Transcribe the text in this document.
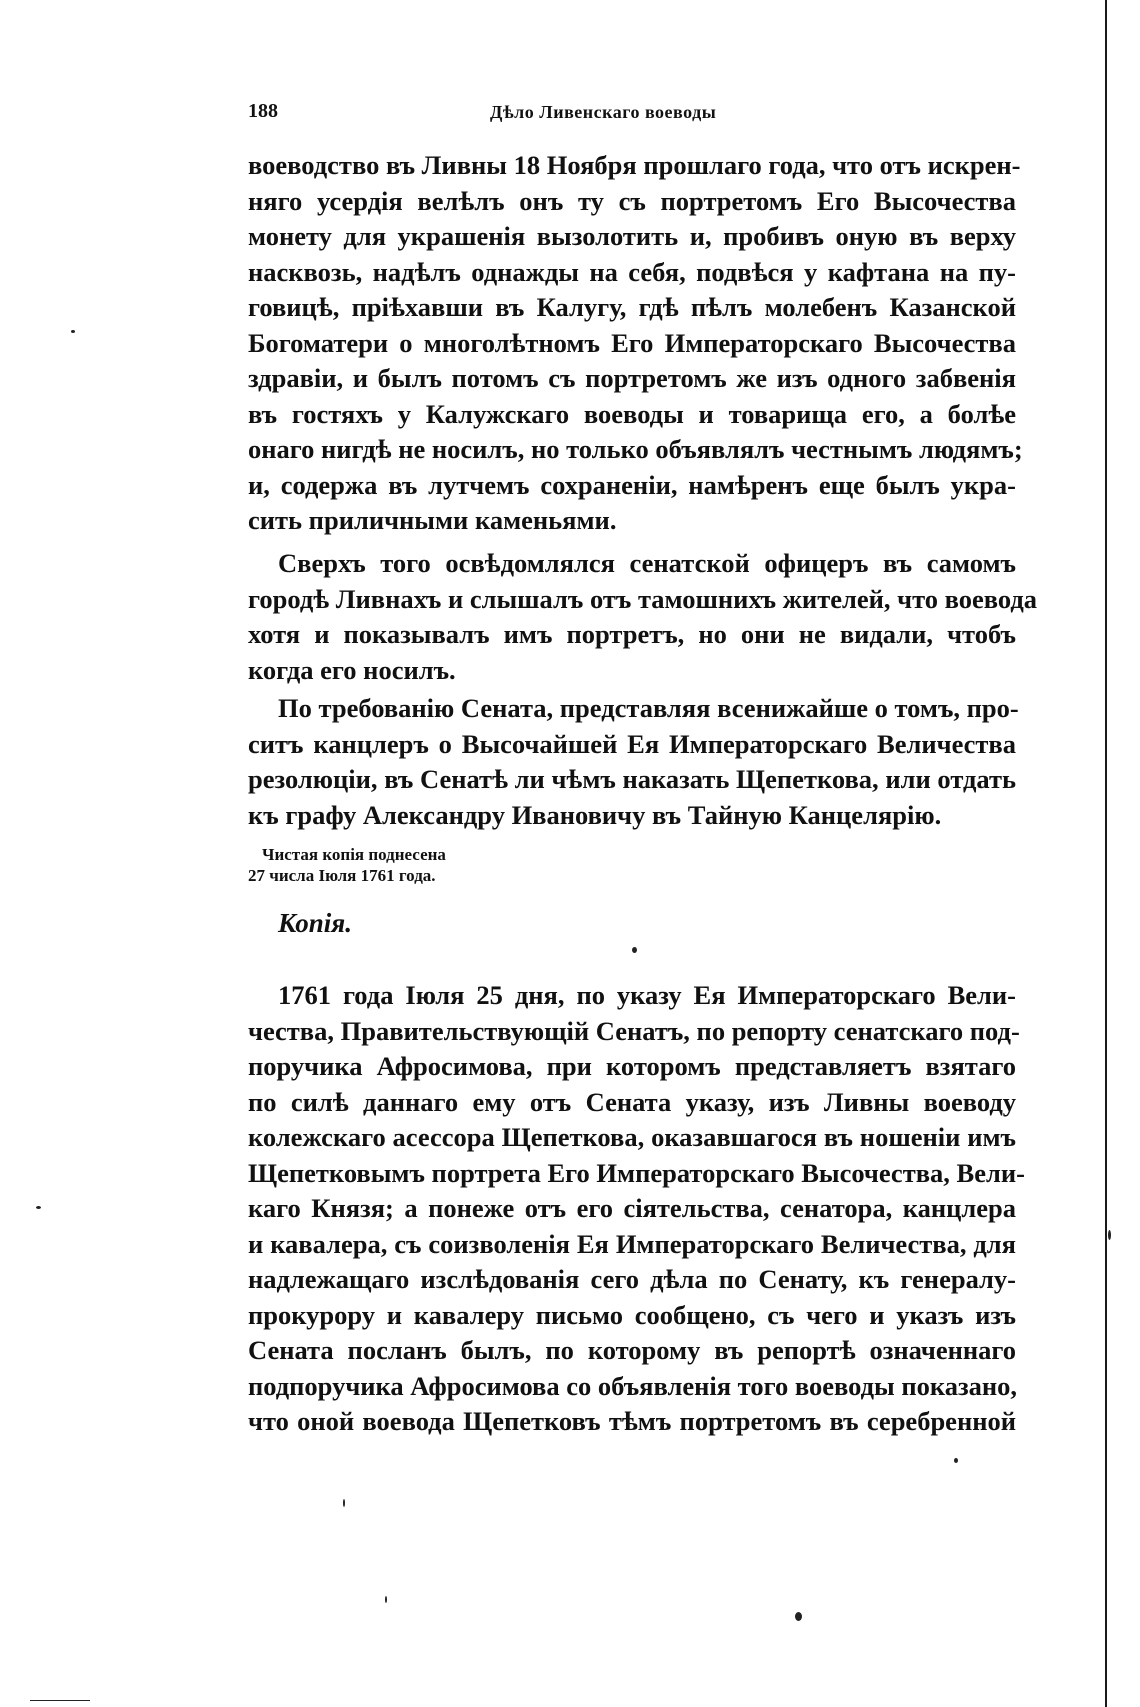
188	Дѣло Ливенскаго воеводы

воеводство въ Ливны 18 Ноября прошлаго года, что отъ искрен-
няго усердія велѣлъ онъ ту съ портретомъ Его Высочества
монету для украшенія вызолотить и, пробивъ оную въ верху
насквозь, надѣлъ однажды на себя, подвѣся у кафтана на пу-
говицѣ, пріѣхавши въ Калугу, гдѣ пѣлъ молебенъ Казанской
Богоматери о многолѣтномъ Его Императорскаго Высочества
здравіи, и былъ потомъ съ портретомъ же изъ одного забвенія
въ гостяхъ у Калужскаго воеводы и товарища его, а болѣе
онаго нигдѣ не носилъ, но только объявлялъ честнымъ людямъ;
и, содержа въ лутчемъ сохраненіи, намѣренъ еще былъ укра-
сить приличными каменьями.

Сверхъ того освѣдомлялся сенатской офицеръ въ самомъ
городѣ Ливнахъ и слышалъ отъ тамошнихъ жителей, что воевода
хотя и показывалъ имъ портретъ, но они не видали, чтобъ
когда его носилъ.

По требованію Сената, представляя всенижайше о томъ, про-
ситъ канцлеръ о Высочайшей Ея Императорскаго Величества
резолюціи, въ Сенатѣ ли чѣмъ наказать Щепеткова, или отдать
къ графу Александру Ивановичу въ Тайную Канцелярію.

Чистая копія поднесена
27 числа Іюля 1761 года.
Копія.

1761 года Іюля 25 дня, по указу Ея Императорскаго Вели-
чества, Правительствующій Сенатъ, по репорту сенатскаго под-
поручика Афросимова, при которомъ представляетъ взятаго
по силѣ даннаго ему отъ Сената указу, изъ Ливны воеводу
колежскаго асессора Щепеткова, оказавшагося въ ношеніи имъ
Щепетковымъ портрета Его Императорскаго Высочества, Вели-
каго Князя; а понеже отъ его сіятельства, сенатора, канцлера
и кавалера, съ соизволенія Ея Императорскаго Величества, для
надлежащаго изслѣдованія сего дѣла по Сенату, къ генералу-
прокурору и кавалеру письмо сообщено, съ чего и указъ изъ
Сената посланъ былъ, по которому въ репортѣ означеннаго
подпоручика Афросимова со объявленія того воеводы показано,
что оной воевода Щепетковъ тѣмъ портретомъ въ серебренной
